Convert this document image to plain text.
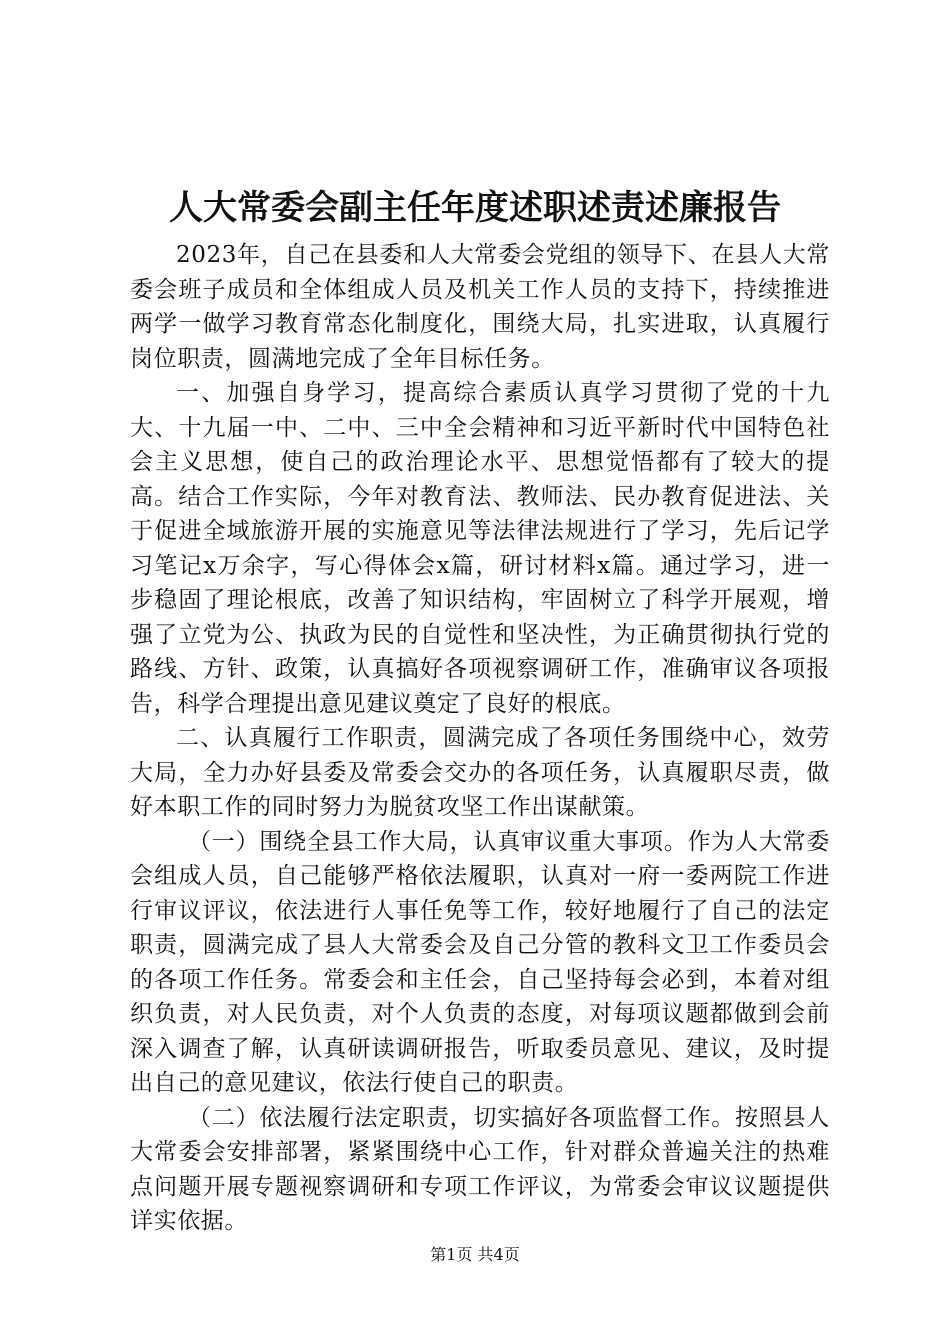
人大常委会副主任年度述职述责述廉报告

2023年，自己在县委和人大常委会党组的领导下、在县人大常委会班子成员和全体组成人员及机关工作人员的支持下，持续推进两学一做学习教育常态化制度化，围绕大局，扎实进取，认真履行岗位职责，圆满地完成了全年目标任务。

一、加强自身学习，提高综合素质认真学习贯彻了党的十九大、十九届一中、二中、三中全会精神和习近平新时代中国特色社会主义思想，使自己的政治理论水平、思想觉悟都有了较大的提高。结合工作实际，今年对教育法、教师法、民办教育促进法、关于促进全域旅游开展的实施意见等法律法规进行了学习，先后记学习笔记x万余字，写心得体会x篇，研讨材料x篇。通过学习，进一步稳固了理论根底，改善了知识结构，牢固树立了科学开展观，增强了立党为公、执政为民的自觉性和坚决性，为正确贯彻执行党的路线、方针、政策，认真搞好各项视察调研工作，准确审议各项报告，科学合理提出意见建议奠定了良好的根底。

二、认真履行工作职责，圆满完成了各项任务围绕中心，效劳大局，全力办好县委及常委会交办的各项任务，认真履职尽责，做好本职工作的同时努力为脱贫攻坚工作出谋献策。

（一）围绕全县工作大局，认真审议重大事项。作为人大常委会组成人员，自己能够严格依法履职，认真对一府一委两院工作进行审议评议，依法进行人事任免等工作，较好地履行了自己的法定职责，圆满完成了县人大常委会及自己分管的教科文卫工作委员会的各项工作任务。常委会和主任会，自己坚持每会必到，本着对组织负责，对人民负责，对个人负责的态度，对每项议题都做到会前深入调查了解，认真研读调研报告，听取委员意见、建议，及时提出自己的意见建议，依法行使自己的职责。

（二）依法履行法定职责，切实搞好各项监督工作。按照县人大常委会安排部署，紧紧围绕中心工作，针对群众普遍关注的热难点问题开展专题视察调研和专项工作评议，为常委会审议议题提供详实依据。

第1页 共4页
